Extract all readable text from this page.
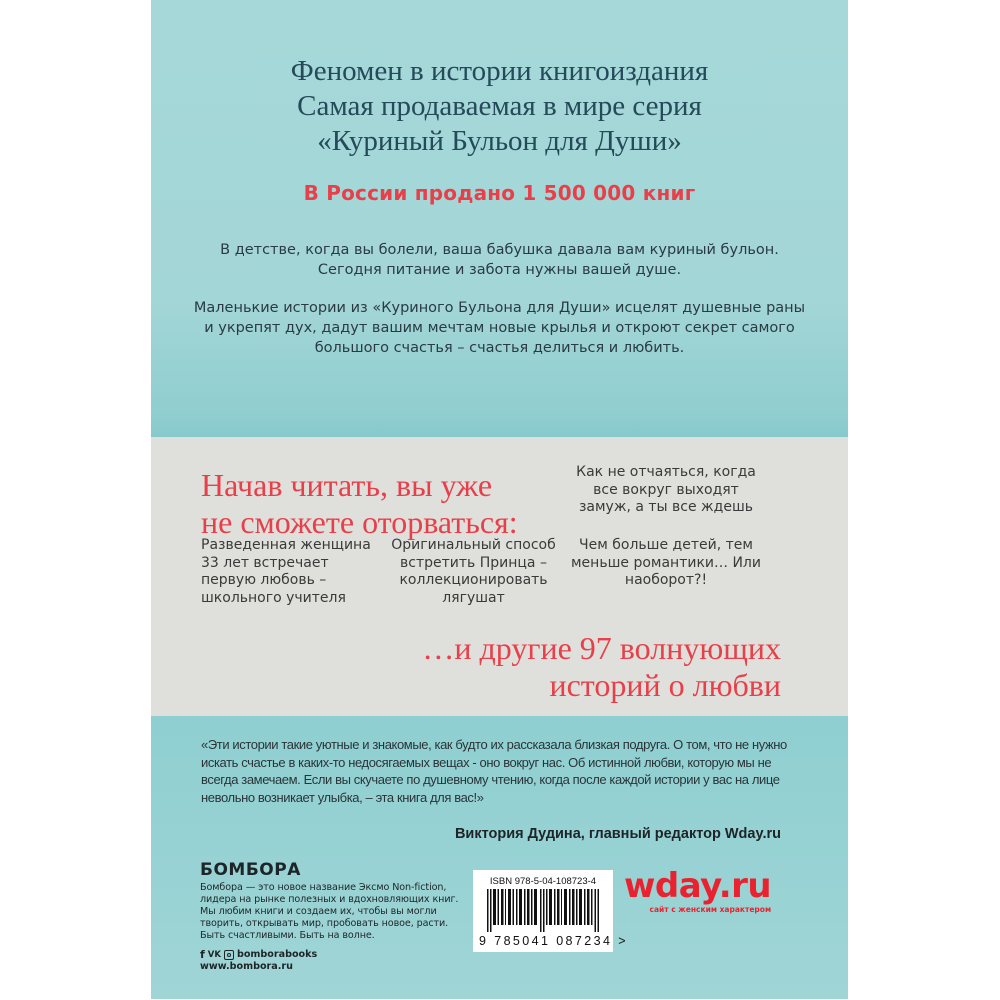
Феномен в истории книгоиздания
Самая продаваемая в мире серия
«Куриный Бульон для Души»
В России продано 1 500 000 книг

В детстве, когда вы болели, ваша бабушка давала вам куриный бульон. Сегодня питание и забота нужны вашей душе.

Маленькие истории из «Куриного Бульона для Души» исцелят душевные раны и укрепят дух, дадут вашим мечтам новые крылья и откроют секрет самого большого счастья – счастья делиться и любить.

Начав читать, вы уже
не сможете оторваться:
Разведенная женщина 33 лет встречает первую любовь – школьного учителя
Оригинальный способ встретить Принца – коллекционировать лягушат
Как не отчаяться, когда все вокруг выходят замуж, а ты все ждешь
Чем больше детей, тем меньше романтики… Или наоборот?!
…и другие 97 волнующих
историй о любви
«Эти истории такие уютные и знакомые, как будто их рассказала близкая подруга. О том, что не нужно искать счастье в каких-то недосягаемых вещах - оно вокруг нас. Об истинной любви, которую мы не всегда замечаем. Если вы скучаете по душевному чтению, когда после каждой истории у вас на лице невольно возникает улыбка, – эта книга для вас!»
Виктория Дудина, главный редактор Wday.ru
БОМБОРА
Бомбора — это новое название Эксмо Non-fiction, лидера на рынке полезных и вдохновляющих книг. Мы любим книги и создаем их, чтобы вы могли творить, открывать мир, пробовать новое, расти. Быть счастливыми. Быть на волне.
f VK bomborabooks
www.bombora.ru
ISBN 978-5-04-108723-4
9 785041 087234 >
wday.ru
сайт с женским характером
